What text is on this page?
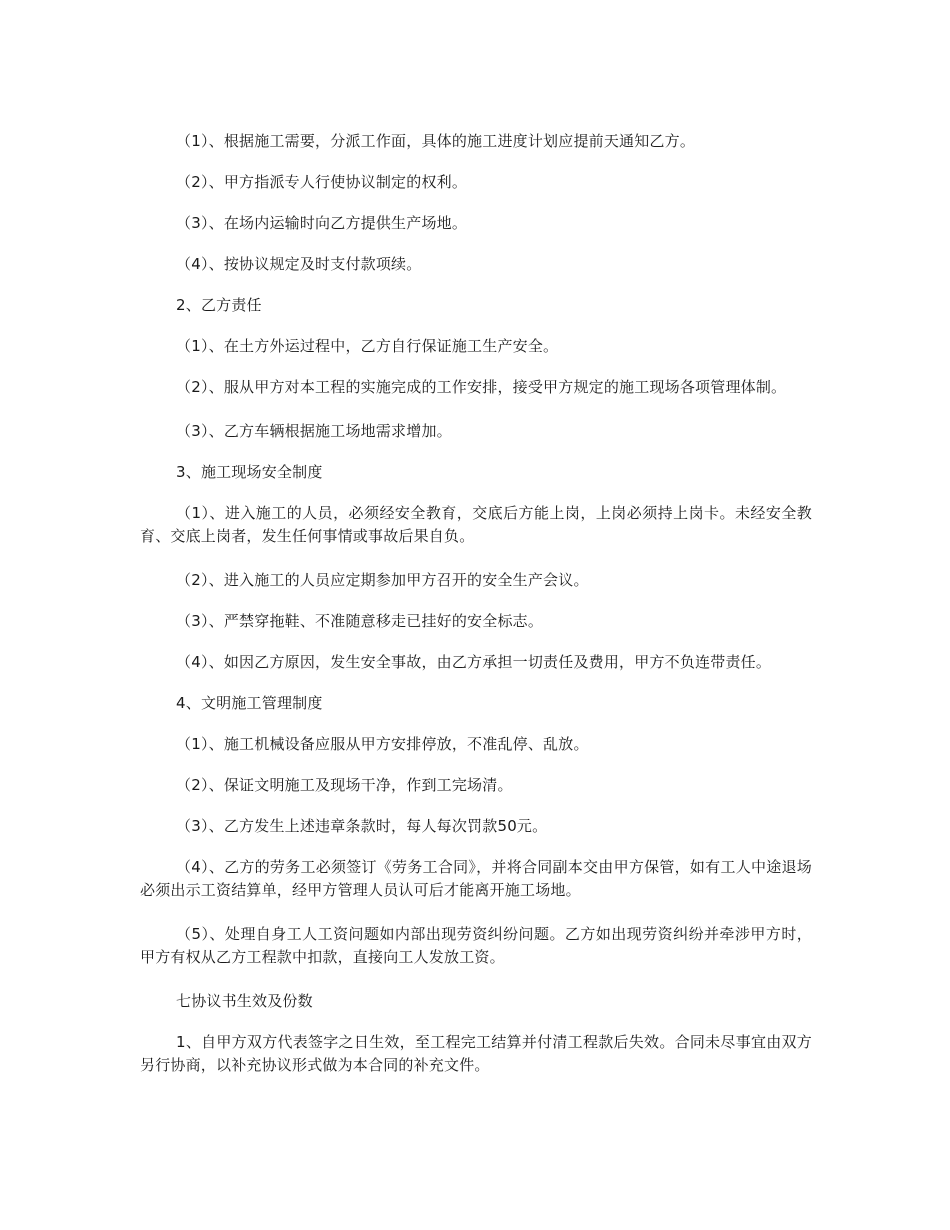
（1）、根据施工需要，分派工作面，具体的施工进度计划应提前天通知乙方。

（2）、甲方指派专人行使协议制定的权利。

（3）、在场内运输时向乙方提供生产场地。

（4）、按协议规定及时支付款项续。

2、乙方责任

（1）、在土方外运过程中，乙方自行保证施工生产安全。

（2）、服从甲方对本工程的实施完成的工作安排，接受甲方规定的施工现场各项管理体制。

（3）、乙方车辆根据施工场地需求增加。

3、施工现场安全制度

（1）、进入施工的人员，必须经安全教育，交底后方能上岗，上岗必须持上岗卡。未经安全教育、交底上岗者，发生任何事情或事故后果自负。

（2）、进入施工的人员应定期参加甲方召开的安全生产会议。

（3）、严禁穿拖鞋、不准随意移走已挂好的安全标志。

（4）、如因乙方原因，发生安全事故，由乙方承担一切责任及费用，甲方不负连带责任。

4、文明施工管理制度

（1）、施工机械设备应服从甲方安排停放，不准乱停、乱放。

（2）、保证文明施工及现场干净，作到工完场清。

（3）、乙方发生上述违章条款时，每人每次罚款50元。

（4）、乙方的劳务工必须签订《劳务工合同》，并将合同副本交由甲方保管，如有工人中途退场必须出示工资结算单，经甲方管理人员认可后才能离开施工场地。

（5）、处理自身工人工资问题如内部出现劳资纠纷问题。乙方如出现劳资纠纷并牵涉甲方时，甲方有权从乙方工程款中扣款，直接向工人发放工资。

七协议书生效及份数

1、自甲方双方代表签字之日生效，至工程完工结算并付清工程款后失效。合同未尽事宜由双方另行协商，以补充协议形式做为本合同的补充文件。
